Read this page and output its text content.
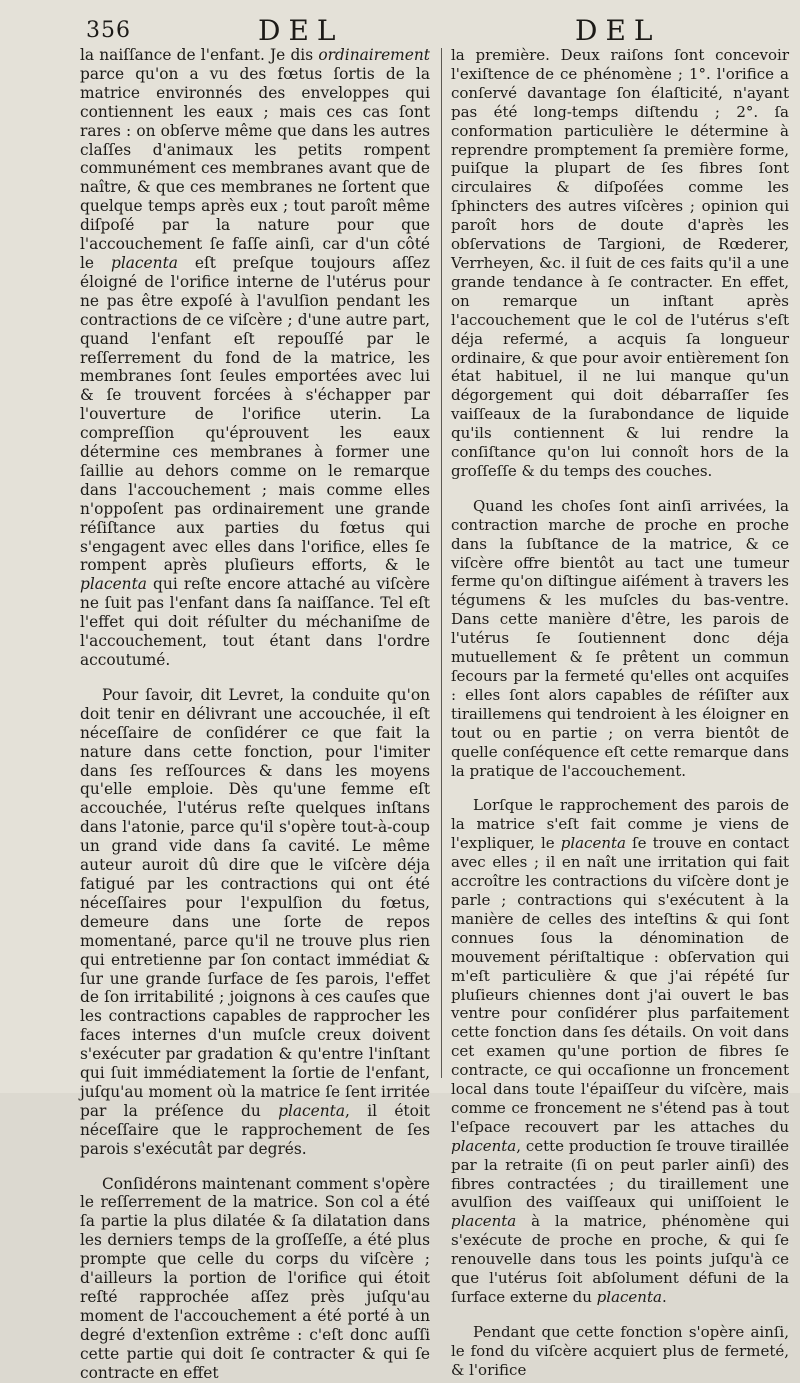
356	DEL	DEL

la naiſſance de l'enfant. Je dis ordinairement parce qu'on a vu des fœtus ſortis de la matrice environnés des enveloppes qui contiennent les eaux ; mais ces cas ſont rares : on obſerve même que dans les autres claſſes d'animaux les petits rompent communément ces membranes avant que de naître, & que ces membranes ne ſortent que quelque temps après eux ; tout paroît même diſpoſé par la nature pour que l'accouchement ſe faſſe ainſi, car d'un côté le placenta eſt preſque toujours aſſez éloigné de l'orifice interne de l'utérus pour ne pas être expoſé à l'avulſion pendant les contractions de ce viſcère ; d'une autre part, quand l'enfant eſt repouſſé par le reſſerrement du fond de la matrice, les membranes ſont ſeules emportées avec lui & ſe trouvent forcées à s'échapper par l'ouverture de l'orifice uterin. La compreſſion qu'éprouvent les eaux détermine ces membranes à former une ſaillie au dehors comme on le remarque dans l'accouchement ; mais comme elles n'oppoſent pas ordinairement une grande réſiſtance aux parties du fœtus qui s'engagent avec elles dans l'orifice, elles ſe rompent après pluſieurs efforts, & le placenta qui reſte encore attaché au viſcère ne ſuit pas l'enfant dans ſa naiſſance. Tel eſt l'effet qui doit réſulter du méchaniſme de l'accouchement, tout étant dans l'ordre accoutumé.

Pour ſavoir, dit Levret, la conduite qu'on doit tenir en délivrant une accouchée, il eſt néceſſaire de conſidérer ce que fait la nature dans cette fonction, pour l'imiter dans ſes reſſources & dans les moyens qu'elle emploie. Dès qu'une femme eſt accouchée, l'utérus reſte quelques inſtans dans l'atonie, parce qu'il s'opère tout-à-coup un grand vide dans ſa cavité. Le même auteur auroit dû dire que le viſcère déja fatigué par les contractions qui ont été néceſſaires pour l'expulſion du fœtus, demeure dans une ſorte de repos momentané, parce qu'il ne trouve plus rien qui entretienne par ſon contact immédiat & ſur une grande ſurface de ſes parois, l'effet de ſon irritabilité ; joignons à ces cauſes que les contractions capables de rapprocher les faces internes d'un muſcle creux doivent s'exécuter par gradation & qu'entre l'inſtant qui ſuit immédiatement la ſortie de l'enfant, juſqu'au moment où la matrice ſe ſent irritée par la préſence du placenta, il étoit néceſſaire que le rapprochement de ſes parois s'exécutât par degrés.

Conſidérons maintenant comment s'opère le reſſerrement de la matrice. Son col a été ſa partie la plus dilatée & ſa dilatation dans les derniers temps de la groſſeſſe, a été plus prompte que celle du corps du viſcère ; d'ailleurs la portion de l'orifice qui étoit reſté rapprochée aſſez près juſqu'au moment de l'accouchement a été porté à un degré d'extenſion extrême : c'eſt donc auſſi cette partie qui doit ſe contracter & qui ſe contracte en effet

la première. Deux raiſons ſont concevoir l'exiſtence de ce phénomène ; 1°. l'orifice a conſervé davantage ſon élaſticité, n'ayant pas été long-temps diſtendu ; 2°. ſa conformation particulière le détermine à reprendre promptement ſa première forme, puiſque la plupart de ſes fibres ſont circulaires & diſpoſées comme les ſphincters des autres viſcères ; opinion qui paroît hors de doute d'après les obſervations de Targioni, de Rœderer, Verrheyen, &c. il ſuit de ces faits qu'il a une grande tendance à ſe contracter. En effet, on remarque un inſtant après l'accouchement que le col de l'utérus s'eſt déja refermé, a acquis ſa longueur ordinaire, & que pour avoir entièrement ſon état habituel, il ne lui manque qu'un dégorgement qui doit débarraſſer ſes vaiſſeaux de la ſurabondance de liquide qu'ils contiennent & lui rendre la conſiſtance qu'on lui connoît hors de la groſſeſſe & du temps des couches.

Quand les choſes ſont ainſi arrivées, la contraction marche de proche en proche dans la ſubſtance de la matrice, & ce viſcère offre bientôt au tact une tumeur ferme qu'on diſtingue aiſément à travers les tégumens & les muſcles du bas-ventre. Dans cette manière d'être, les parois de l'utérus ſe ſoutiennent donc déja mutuellement & ſe prêtent un commun ſecours par la fermeté qu'elles ont acquiſes : elles ſont alors capables de réſiſter aux tiraillemens qui tendroient à les éloigner en tout ou en partie ; on verra bientôt de quelle conſéquence eſt cette remarque dans la pratique de l'accouchement.

Lorſque le rapprochement des parois de la matrice s'eſt fait comme je viens de l'expliquer, le placenta ſe trouve en contact avec elles ; il en naît une irritation qui fait accroître les contractions du viſcère dont je parle ; contractions qui s'exécutent à la manière de celles des inteſtins & qui ſont connues ſous la dénomination de mouvement périſtaltique : obſervation qui m'eſt particulière & que j'ai répété ſur pluſieurs chiennes dont j'ai ouvert le bas ventre pour conſidérer plus parfaitement cette fonction dans ſes détails. On voit dans cet examen qu'une portion de fibres ſe contracte, ce qui occaſionne un froncement local dans toute l'épaiſſeur du viſcère, mais comme ce froncement ne s'étend pas à tout l'eſpace recouvert par les attaches du placenta, cette production ſe trouve tiraillée par la retraite (ſi on peut parler ainſi) des fibres contractées ; du tiraillement une avulſion des vaiſſeaux qui uniſſoient le placenta à la matrice, phénomène qui s'exécute de proche en proche, & qui ſe renouvelle dans tous les points juſqu'à ce que l'utérus ſoit abſolument défuni de la ſurface externe du placenta.

Pendant que cette fonction s'opère ainſi, le fond du viſcère acquiert plus de fermeté, & l'orifice
